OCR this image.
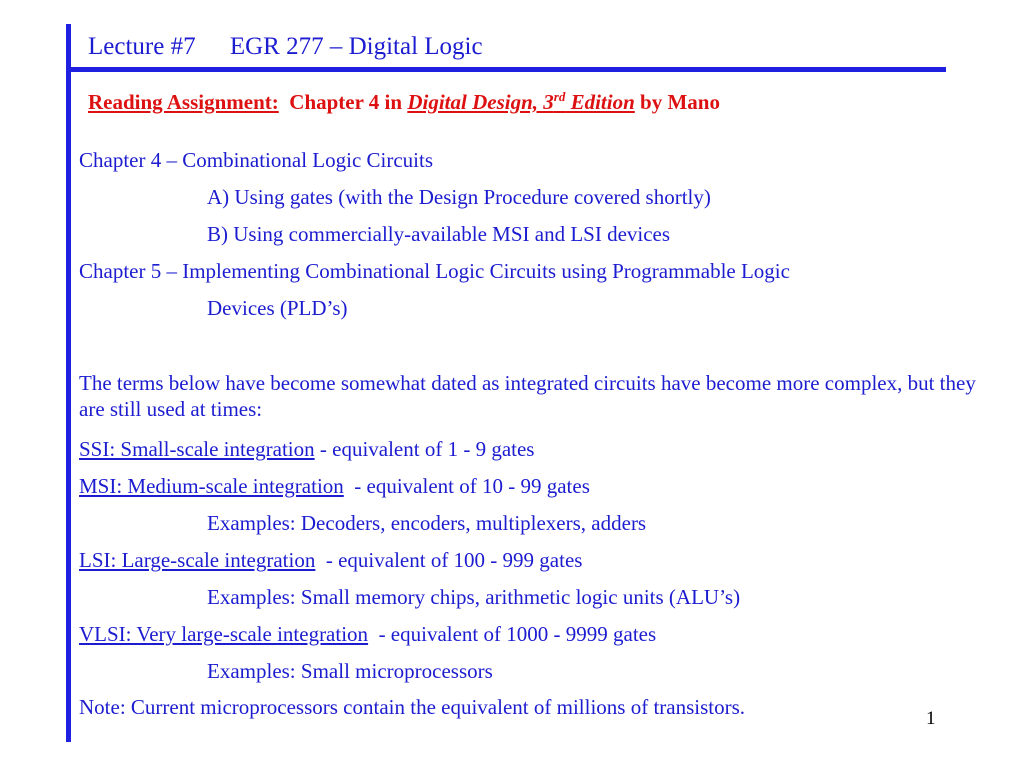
Lecture #7 EGR 277 – Digital Logic
Reading Assignment: Chapter 4 in Digital Design, 3rd Edition by Mano
Chapter 4 – Combinational Logic Circuits
A) Using gates (with the Design Procedure covered shortly)
B) Using commercially-available MSI and LSI devices
Chapter 5 – Implementing Combinational Logic Circuits using Programmable Logic
Devices (PLD’s)
The terms below have become somewhat dated as integrated circuits have become more complex, but they are still used at times:
SSI: Small-scale integration - equivalent of 1 - 9 gates
MSI: Medium-scale integration  - equivalent of 10 - 99 gates
Examples: Decoders, encoders, multiplexers, adders
LSI: Large-scale integration  - equivalent of 100 - 999 gates
Examples: Small memory chips, arithmetic logic units (ALU’s)
VLSI: Very large-scale integration  - equivalent of 1000 - 9999 gates
Examples: Small microprocessors
Note: Current microprocessors contain the equivalent of millions of transistors.	1
